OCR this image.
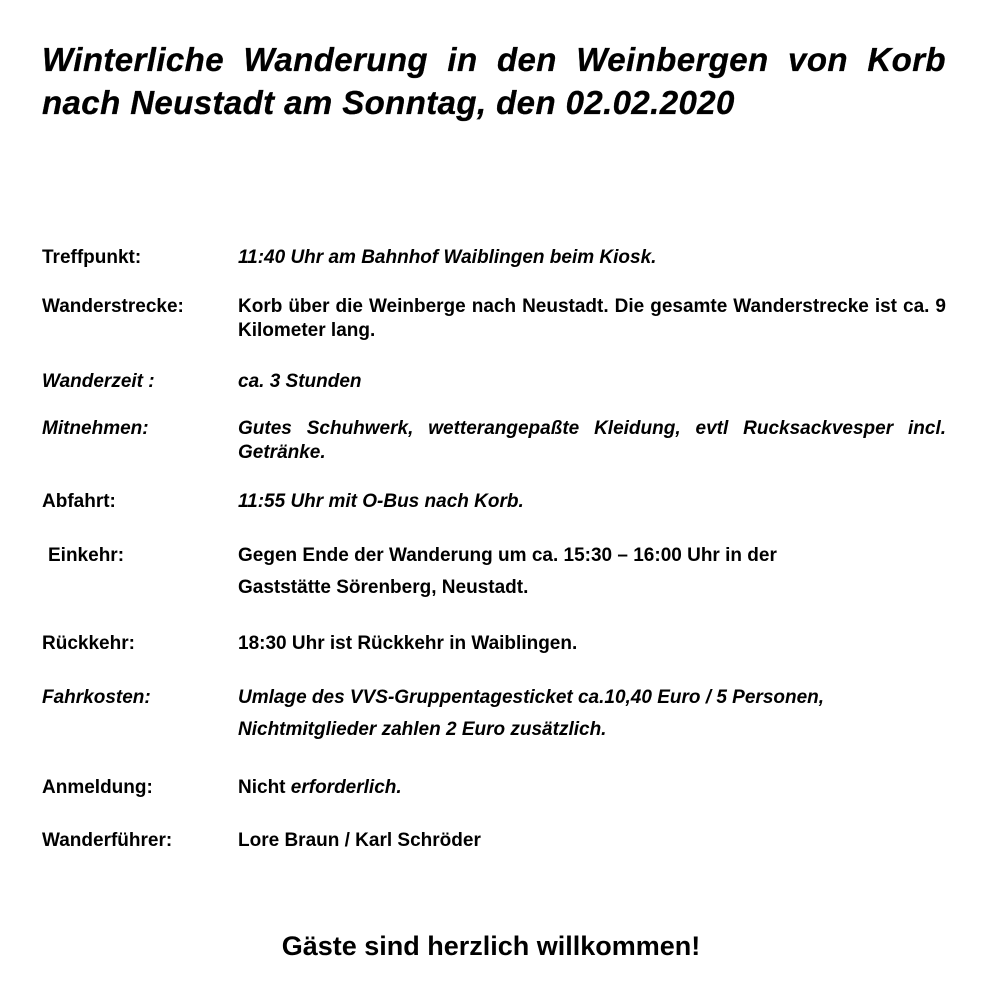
Winterliche Wanderung in den Weinbergen von Korb nach Neustadt am Sonntag, den 02.02.2020
Treffpunkt:	11:40 Uhr am Bahnhof Waiblingen beim Kiosk.
Wanderstrecke:	Korb über die Weinberge nach Neustadt. Die gesamte Wanderstrecke ist ca. 9 Kilometer lang.
Wanderzeit :	ca. 3 Stunden
Mitnehmen:	Gutes Schuhwerk, wetterangepaßte Kleidung, evtl Rucksackvesper incl. Getränke.
Abfahrt:	11:55 Uhr mit O-Bus nach Korb.
Einkehr:	Gegen Ende der Wanderung um ca. 15:30 – 16:00 Uhr in der
Gaststätte Sörenberg, Neustadt.
Rückkehr:	18:30 Uhr ist Rückkehr in Waiblingen.
Fahrkosten:	Umlage des VVS-Gruppentagesticket ca.10,40 Euro / 5 Personen,
Nichtmitglieder zahlen 2 Euro zusätzlich.
Anmeldung:	Nicht erforderlich.
Wanderführer:	Lore Braun / Karl Schröder
Gäste sind herzlich willkommen!
